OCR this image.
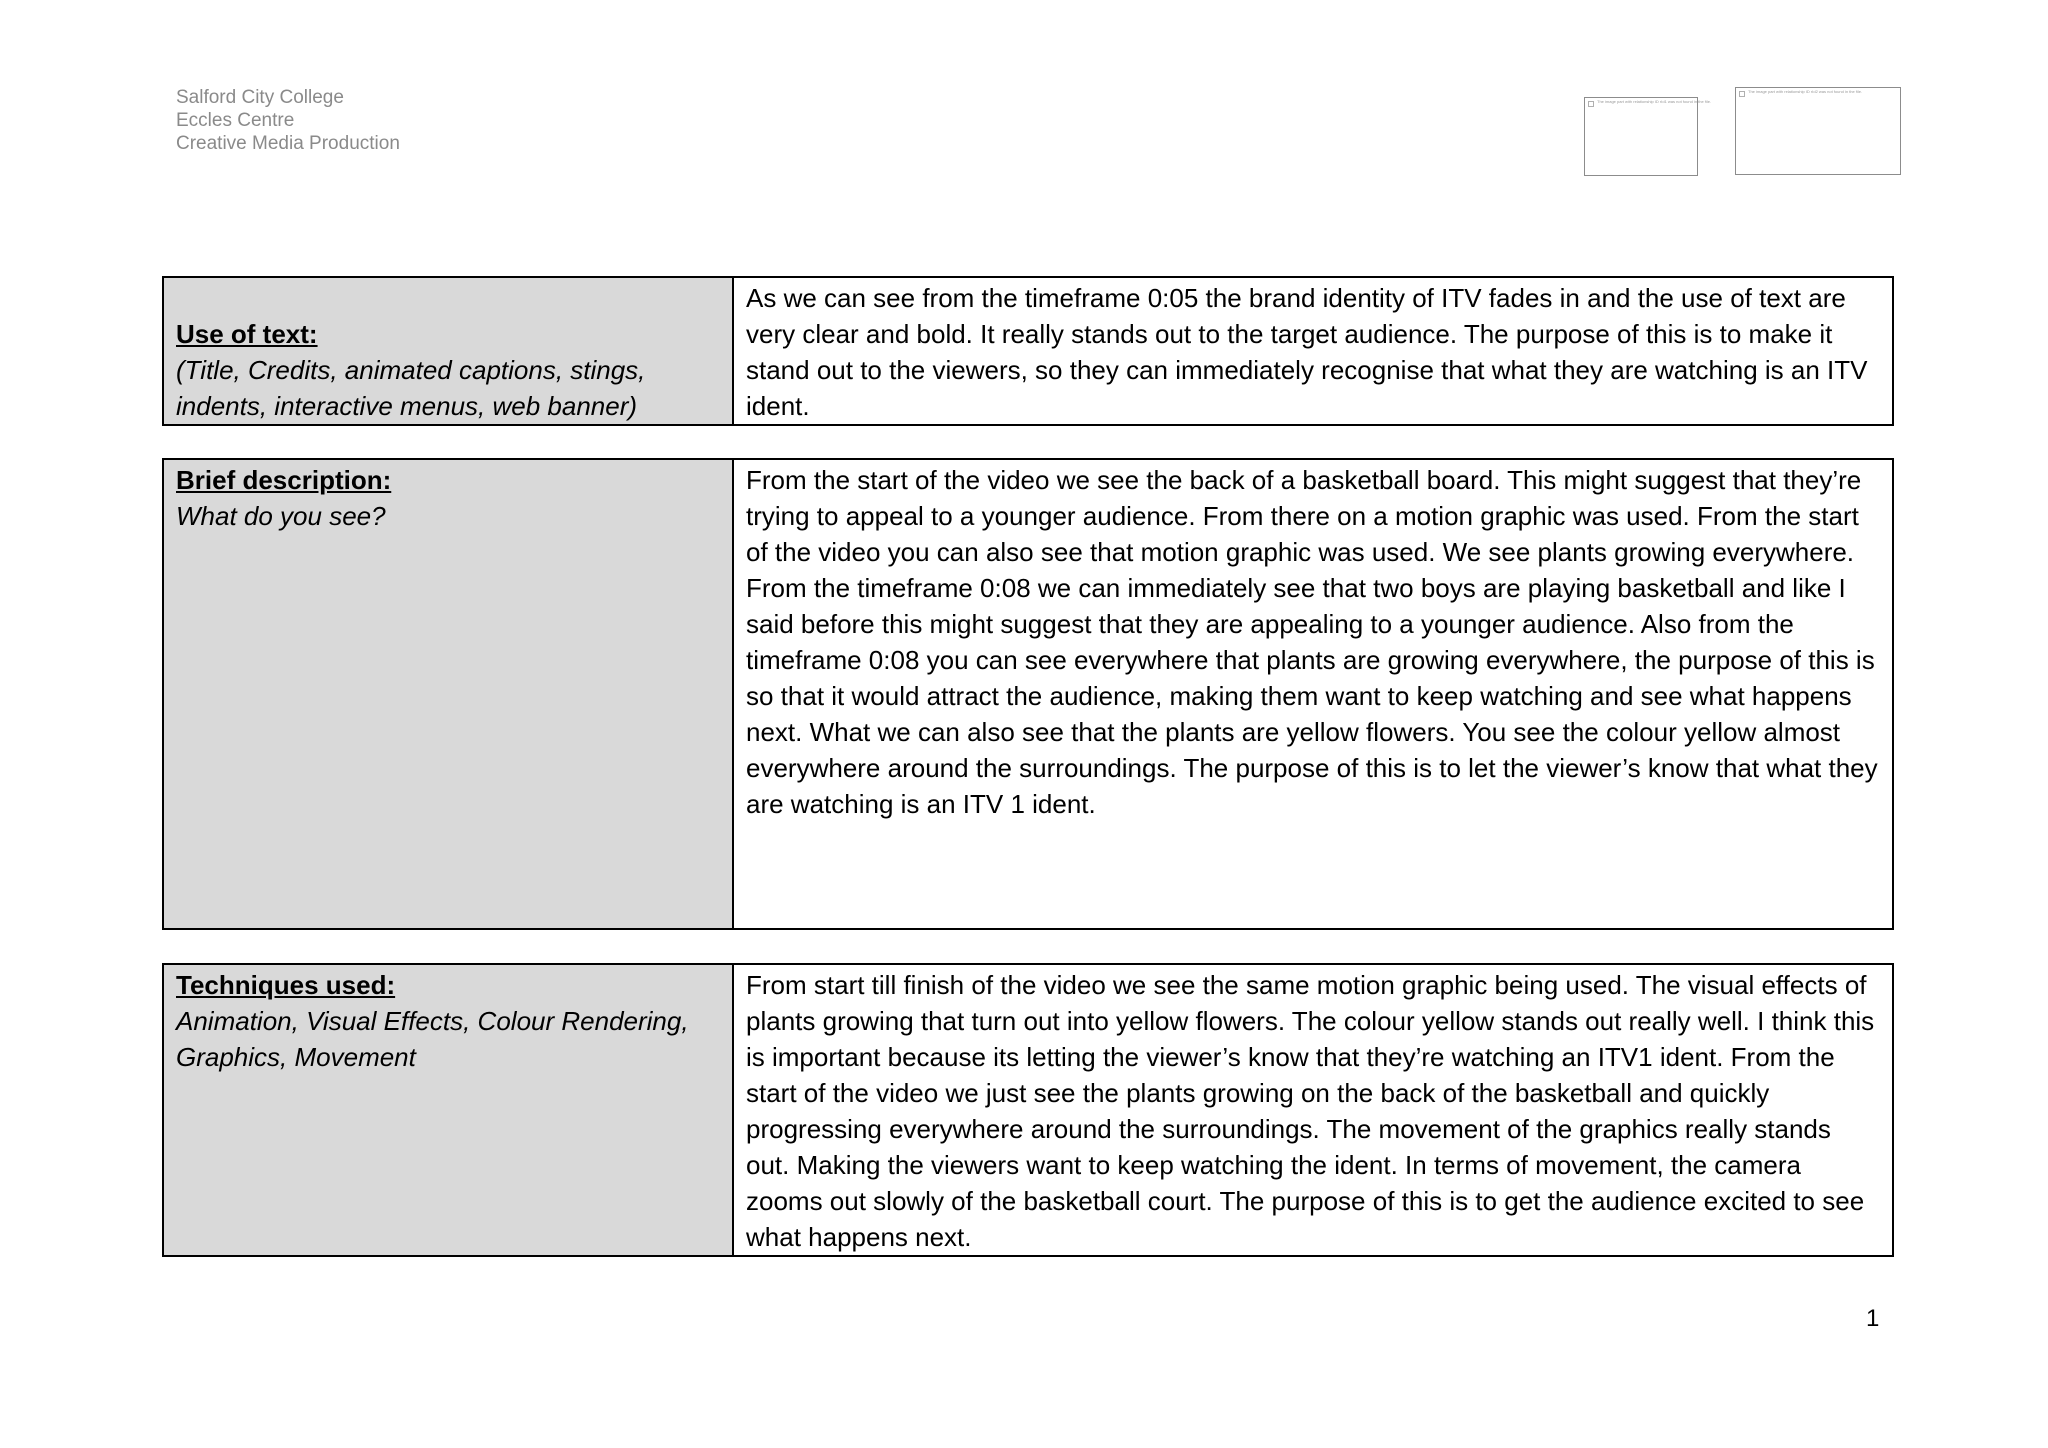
Salford City College
Eccles Centre
Creative Media Production
The image part with relationship ID rId1 was not found in the file.
The image part with relationship ID rId2 was not found in the file.
Use of text:
(Title, Credits, animated captions, stings, indents, interactive menus, web banner)
	As we can see from the timeframe 0:05 the brand identity of ITV fades in and the use of text are very clear and bold. It really stands out to the target audience. The purpose of this is to make it stand out to the viewers, so they can immediately recognise that what they are watching is an ITV ident.
Brief description:
What do you see?
	From the start of the video we see the back of a basketball board. This might suggest that they’re trying to appeal to a younger audience. From there on a motion graphic was used. From the start of the video you can also see that motion graphic was used. We see plants growing everywhere. From the timeframe 0:08 we can immediately see that two boys are playing basketball and like I said before this might suggest that they are appealing to a younger audience. Also from the timeframe 0:08 you can see everywhere that plants are growing everywhere, the purpose of this is so that it would attract the audience, making them want to keep watching and see what happens next. What we can also see that the plants are yellow flowers. You see the colour yellow almost everywhere around the surroundings. The purpose of this is to let the viewer’s know that what they are watching is an ITV 1 ident.
Techniques used:
Animation, Visual Effects, Colour Rendering, Graphics, Movement
	From start till finish of the video we see the same motion graphic being used. The visual effects of plants growing that turn out into yellow flowers. The colour yellow stands out really well. I think this is important because its letting the viewer’s know that they’re watching an ITV1 ident. From the start of the video we just see the plants growing on the back of the basketball and quickly progressing everywhere around the surroundings. The movement of the graphics really stands out. Making the viewers want to keep watching the ident. In terms of movement, the camera zooms out slowly of the basketball court. The purpose of this is to get the audience excited to see what happens next.
1
